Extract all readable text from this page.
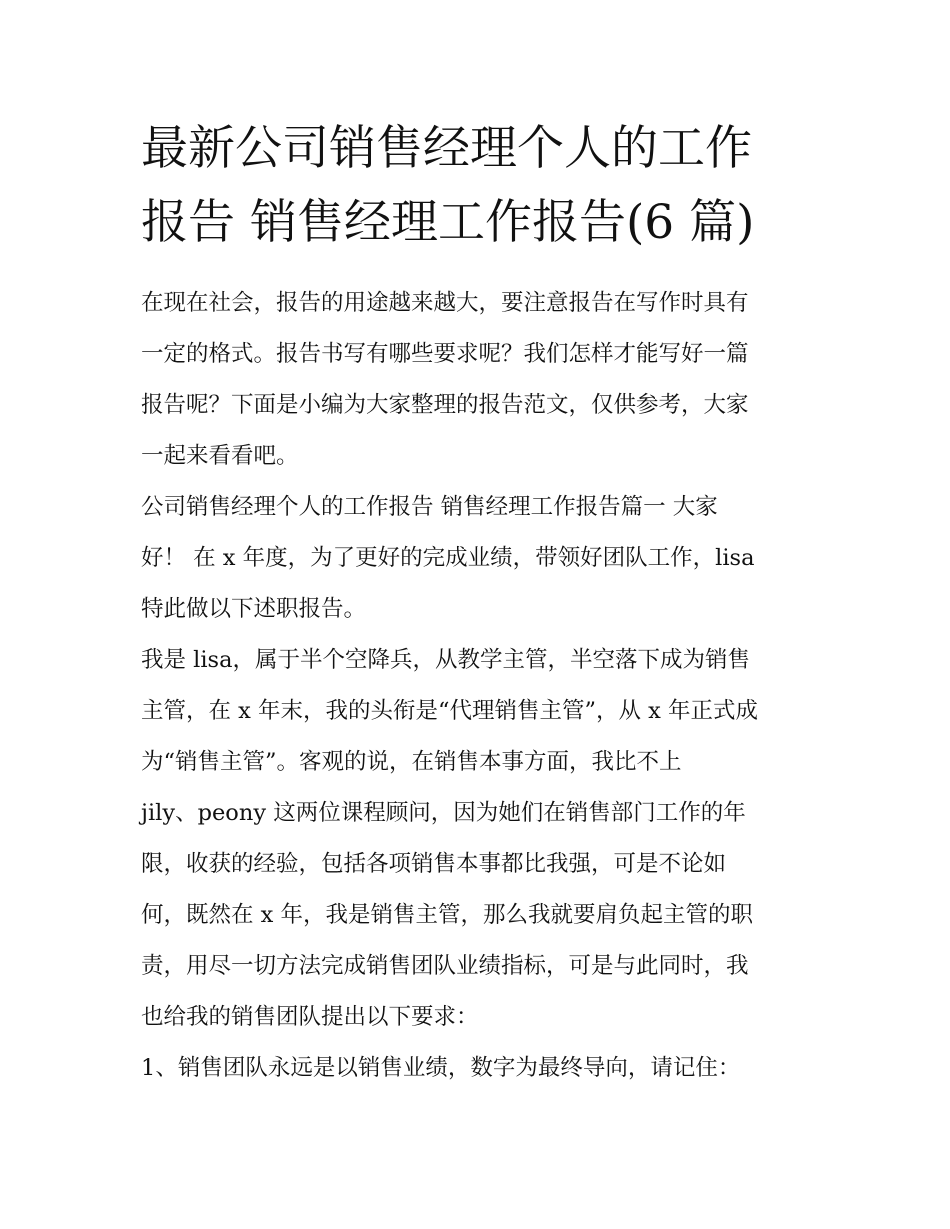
最新公司销售经理个人的工作
报告 销售经理工作报告(6 篇)

在现在社会，报告的用途越来越大，要注意报告在写作时具有
一定的格式。报告书写有哪些要求呢？我们怎样才能写好一篇
报告呢？下面是小编为大家整理的报告范文，仅供参考，大家
一起来看看吧。

公司销售经理个人的工作报告 销售经理工作报告篇一 大家
好！ 在 x 年度，为了更好的完成业绩，带领好团队工作，lisa
特此做以下述职报告。

我是 lisa，属于半个空降兵，从教学主管，半空落下成为销售
主管，在 x 年末，我的头衔是“代理销售主管”，从 x 年正式成
为“销售主管”。客观的说，在销售本事方面，我比不上
jily、peony 这两位课程顾问，因为她们在销售部门工作的年
限，收获的经验，包括各项销售本事都比我强，可是不论如
何，既然在 x 年，我是销售主管，那么我就要肩负起主管的职
责，用尽一切方法完成销售团队业绩指标，可是与此同时，我
也给我的销售团队提出以下要求：

1、销售团队永远是以销售业绩，数字为最终导向，请记住：
